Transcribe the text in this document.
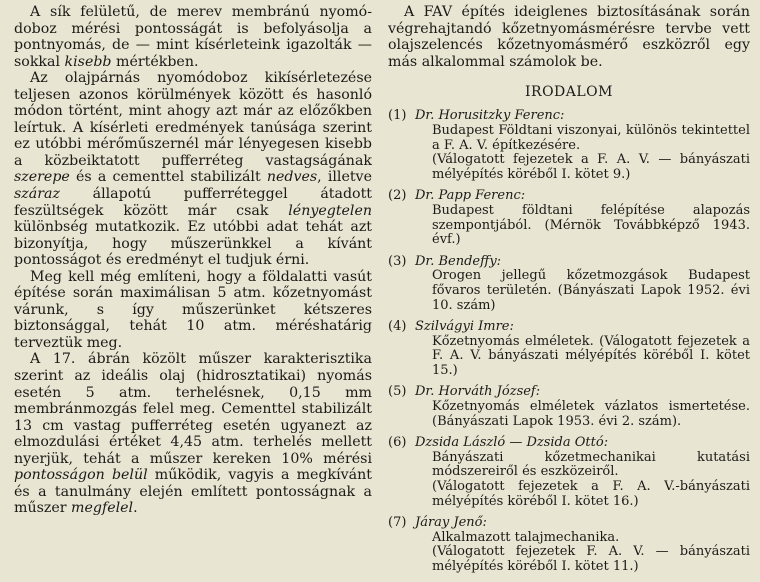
A sík felületű, de merev membránú nyomó-doboz mérési pontosságát is befolyásolja a pontnyomás, de — mint kísérleteink igazolták — sokkal kisebb mértékben.

Az olajpárnás nyomódoboz kikísérletezése teljesen azonos körülmények között és hasonló módon történt, mint ahogy azt már az előzőkben leírtuk. A kísérleti eredmények tanúsága szerint ez utóbbi mérőműszernél már lényegesen kisebb a közbeiktatott pufferréteg vastagságának szerepe és a cementtel stabilizált nedves, illetve száraz állapotú pufferréteggel átadott feszültségek között már csak lényegtelen különbség mutatkozik. Ez utóbbi adat tehát azt bizonyítja, hogy műszerünkkel a kívánt pontosságot és eredményt el tudjuk érni.

Meg kell még említeni, hogy a földalatti vasút építése során maximálisan 5 atm. kőzetnyomást várunk, s így műszerünket kétszeres biztonsággal, tehát 10 atm. méréshatárig terveztük meg.

A 17. ábrán közölt műszer karakterisztika szerint az ideális olaj (hidrosztatikai) nyomás esetén 5 atm. terhelésnek, 0,15 mm membránmozgás felel meg. Cementtel stabilizált 13 cm vastag pufferréteg esetén ugyanezt az elmozdulási értéket 4,45 atm. terhelés mellett nyerjük, tehát a műszer kereken 10% mérési pontosságon belül működik, vagyis a megkívánt és a tanulmány elején említett pontosságnak a műszer megfelel.

A FAV építés ideiglenes biztosításának során végrehajtandó kőzetnyomásmérésre tervbe vett olajszelencés kőzetnyomásmérő eszközről egy más alkalommal számolok be.

IRODALOM
(1) Dr. Horusitzky Ferenc:
Budapest Földtani viszonyai, különös tekintettel a F. A. V. építkezésére.
(Válogatott fejezetek a F. A. V. — bányászati mélyépítés köréből I. kötet 9.)
(2) Dr. Papp Ferenc:
Budapest földtani felépítése alapozás szempontjából. (Mérnök Továbbképző 1943. évf.)
(3) Dr. Bendeffy:
Orogen jellegű kőzetmozgások Budapest fővaros területén. (Bányászati Lapok 1952. évi 10. szám)
(4) Szilvágyi Imre:
Kőzetnyomás elméletek. (Válogatott fejezetek a F. A. V. bányászati mélyépítés köréből I. kötet 15.)
(5) Dr. Horváth József:
Kőzetnyomás elméletek vázlatos ismertetése. (Bányászati Lapok 1953. évi 2. szám).
(6) Dzsida László — Dzsida Ottó:
Bányászati kőzetmechanikai kutatási módszereiről és eszközeiről.
(Válogatott fejezetek a F. A. V.-bányászati mélyépítés köréből I. kötet 16.)
(7) Járay Jenő:
Alkalmazott talajmechanika.
(Válogatott fejezetek F. A. V. — bányászati mélyépítés köréből I. kötet 11.)
